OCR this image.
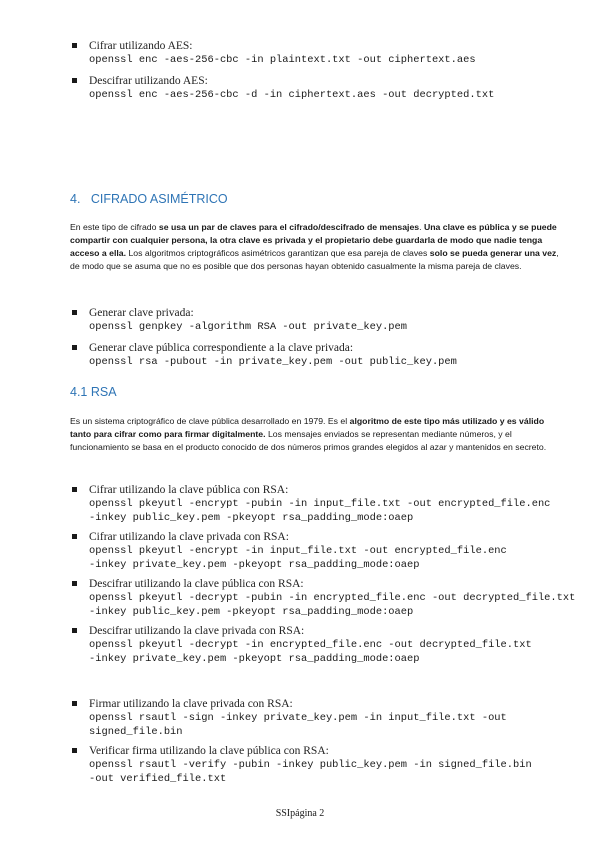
Cifrar utilizando AES:
openssl enc -aes-256-cbc -in plaintext.txt -out ciphertext.aes
Descifrar utilizando AES:
openssl enc -aes-256-cbc -d -in ciphertext.aes -out decrypted.txt
4.   CIFRADO ASIMÉTRICO

En este tipo de cifrado se usa un par de claves para el cifrado/descifrado de mensajes. Una clave es pública y se puede compartir con cualquier persona, la otra clave es privada y el propietario debe guardarla de modo que nadie tenga acceso a ella. Los algoritmos criptográficos asimétricos garantizan que esa pareja de claves solo se pueda generar una vez, de modo que se asuma que no es posible que dos personas hayan obtenido casualmente la misma pareja de claves.

Generar clave privada:
openssl genpkey -algorithm RSA -out private_key.pem
Generar clave pública correspondiente a la clave privada:
openssl rsa -pubout -in private_key.pem -out public_key.pem
4.1 RSA

Es un sistema criptográfico de clave pública desarrollado en 1979. Es el algoritmo de este tipo más utilizado y es válido tanto para cifrar como para firmar digitalmente. Los mensajes enviados se representan mediante números, y el funcionamiento se basa en el producto conocido de dos números primos grandes elegidos al azar y mantenidos en secreto.

Cifrar utilizando la clave pública con RSA:
openssl pkeyutl -encrypt -pubin -in input_file.txt -out encrypted_file.enc
-inkey public_key.pem -pkeyopt rsa_padding_mode:oaep
Cifrar utilizando la clave privada con RSA:
openssl pkeyutl -encrypt -in input_file.txt -out encrypted_file.enc
-inkey private_key.pem -pkeyopt rsa_padding_mode:oaep
Descifrar utilizando la clave pública con RSA:
openssl pkeyutl -decrypt -pubin -in encrypted_file.enc -out decrypted_file.txt
-inkey public_key.pem -pkeyopt rsa_padding_mode:oaep
Descifrar utilizando la clave privada con RSA:
openssl pkeyutl -decrypt -in encrypted_file.enc -out decrypted_file.txt
-inkey private_key.pem -pkeyopt rsa_padding_mode:oaep
Firmar utilizando la clave privada con RSA:
openssl rsautl -sign -inkey private_key.pem -in input_file.txt -out
signed_file.bin
Verificar firma utilizando la clave pública con RSA:
openssl rsautl -verify -pubin -inkey public_key.pem -in signed_file.bin
-out verified_file.txt
SSIpágina 2
